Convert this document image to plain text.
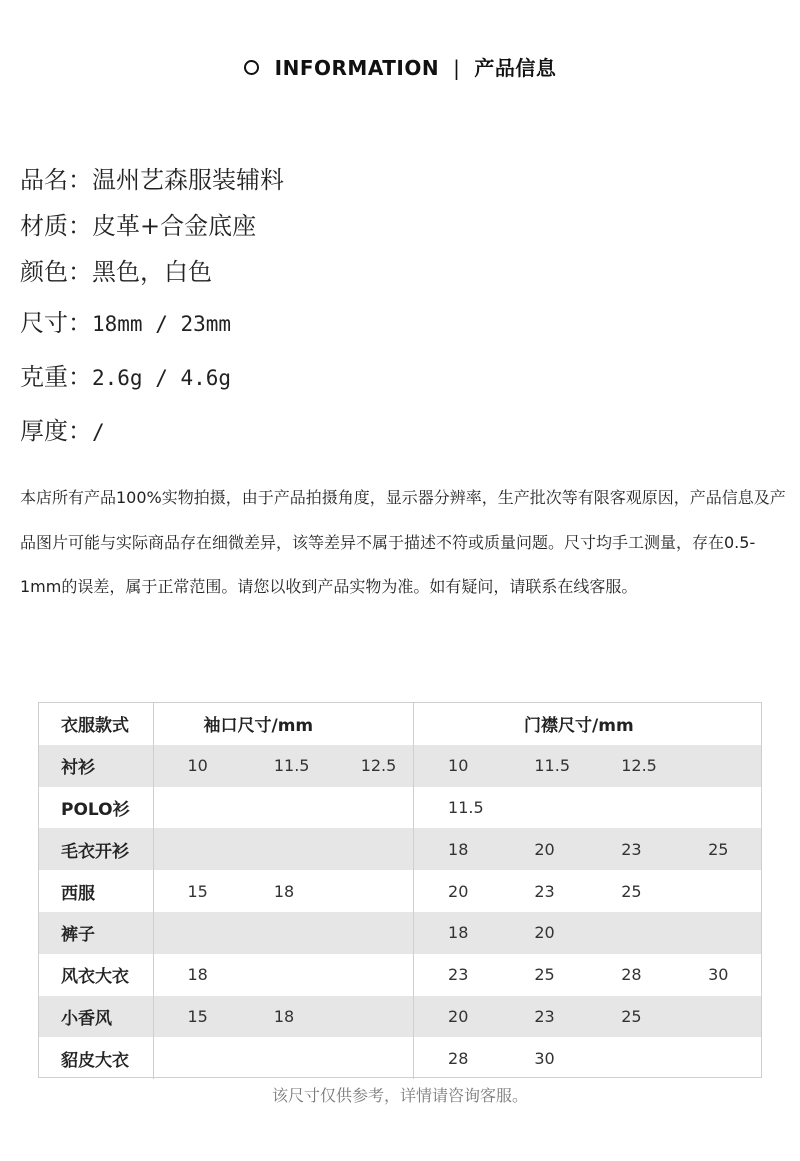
INFORMATION | 产品信息
品名：温州艺森服装辅料
材质：皮革+合金底座
颜色：黑色，白色
尺寸：18mm / 23mm
克重：2.6g / 4.6g
厚度：/
本店所有产品100%实物拍摄，由于产品拍摄角度，显示器分辨率，生产批次等有限客观原因，产品信息及产品图片可能与实际商品存在细微差异，该等差异不属于描述不符或质量问题。尺寸均手工测量，存在0.5-1mm的误差，属于正常范围。请您以收到产品实物为准。如有疑问，请联系在线客服。
衣服款式	袖口尺寸/mm			门襟尺寸/mm			
衬衫	10	11.5	12.5	10	11.5	12.5	
POLO衫				11.5			
毛衣开衫				18	20	23	25
西服	15	18		20	23	25	
裤子				18	20		
风衣大衣	18			23	25	28	30
小香风	15	18		20	23	25	
貂皮大衣				28	30		
该尺寸仅供参考，详情请咨询客服。
